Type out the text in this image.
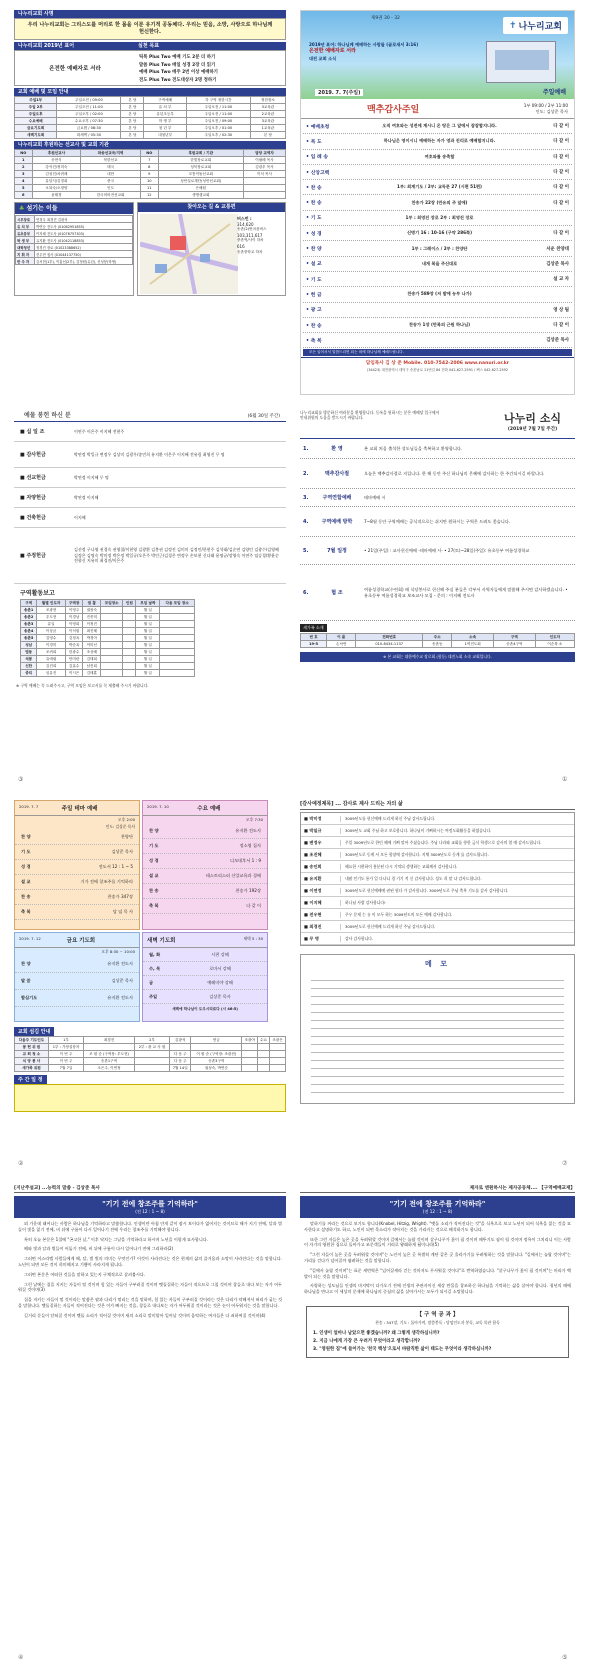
나누리교회 사명
우리 나누리교회는 그리스도를 머리로 한 몸을 이룬 유기적 공동체다. 우리는 믿음, 소망, 사랑으로 하나님께 헌신한다.
나누리교회 2019년 표어	실천 목표
온전한 예배자로 서라
틱톡 Plus Two 예배 기도 2분 더 하기
말씀 Plus Two 매일 성경 2장 더 읽기
예배 Plus Two 매주 2번 이상 예배하기
전도 Plus Two 전도대상자 2명 정하기
교회 예배 및 모임 안내
주일1부	주일오전 / 09:00	본 당	구역예배	각 구역 정한시간	정한장소
주일 2부	주일오전 / 11:00	본 당	유 치 부	주일오전 / 11:00	3교육관
주일오후	주일오후 / 02:00	본 당	유년초등부	주일오전 / 11:00	2교육관
수요예배	수요오후 / 07:30	본 당	학 생 부	주일오전 / 09:00	3교육관
금요기도회	금요밤 / 08:30	본 당	청 년 부	주일오후 / 01:00	1교육관
새벽기도회	화새벽 / 05:30	본 당	대청년부	주일오후 / 02:30	본 당
나누리교회 후원하는 선교사 및 교회 기관
NO	후원선교사	파송선교국/지역	NO	후원교회 / 기관	담당 교역자
1	송현식	북한선교	7	한빛장로교회	이필배 목사
2	강석진/정미숙	태국	8	성북장로교회	김광우 목사
3	김성진/차귀례	대만	9	모퉁이돌선교회	이석 목사
4	유달식/김경희	중국	10	성안실로재단(성안선교회)	
5	오복숙/오정양	인도	11	은혜원	
6	윤태경	한국어비전선교회	12	생명샘교회	
♣ 섬기는 이들
시무장로	연정우 최경진 김광석
유 치 부	박연순 전도사 (01082951855)
유초등부	이지혜 전도사 (01076757303)
학 생 부	유지환 전도사 (01042118853)
대학청년	정경진 장로 (01023388652)
지 휘 자	전우현 집사 (01044137750)
반 주 자	김서현(1부), 이홍선(2부), 김정원(유년), 신성봉(학생)
찾아오는 길 & 교통편
버스번 :
314,620
송촌(2)번마을버스
103,311,617
중촌역/사이 하차
616
송촌중학교 하차
제9권 30 - 32
✝ 나누리교회
2019년 표어: 하나님께 예배하는 사람들 (골로새서 3:16)
온전한 예배자로 서라
대전 교회 소식
2019. 7. 7(주일)	주일예배
맥추감사주일	1부 09:00 / 2부 11:00
인도: 김상준 목사
• 예배초청	오직 여호와는 성전에 계시니 온 땅은 그 앞에서 잠잠할지니라.	다 같 이
• 묵 도	하나님은 영이시니 예배하는 자가 영과 진리로 예배할지니라.	다 같 이
• 입 례 송	여호와를 송축할	다 같 이
• 신앙고백	다 같 이
• 찬 송	1부: 최계기도 / 2부: 교독문 27 (시편 51편)	다 같 이
• 찬 송	찬송가 22장 (만유의 주 앞에)	다 같 이
• 기 도	1부 : 최영진 장로 2부 : 최영진 장로
• 성 경	신명기 16 : 10-16 (구약 286쪽)	다 같 이
• 찬 양	1부 : 그레이스 / 2부 : 찬양단	서운 찬양대
• 설 교	내게 복을 주신대로	김상준 목사
• 기 도	설 교 자
• 헌 금	찬송가 589장 (저 밭에 농부 나가)
• 광 고	영 상 팀
• 찬 송	찬송가 1장 (만복의 근원 하나님)	다 같 이
• 축 복	김상준 목사
모든 입어서서 말씀드리면 되는 외에 하나님께 예배드립니다.
담임목사 김 상 준 Mobile. 010-7542-2006 www.nanuri.or.kr
(34423) 대전광역시 대덕구 송촌남로 11번길 84 전화 042-627-2591 / 팩스 042-627-2592
예물 봉헌 하신 분	(6월 30일 주간)
■ 십 일 조	이연주 이은주 이지혜 전현주
■ 감사헌금	박연정 박일규 변정우 김상미 김광우/송민희 유지환 이은주 이지혜 전유림 최영진 무 명
■ 선교헌금	박연정 이지혜 무 명
■ 자양헌금	박연정 이지혜
■ 건축헌금	이지혜
■ 주정헌금
김선정 구나영 권경숙 권영철/이현영 김광환 김봉권 김정진 김미미 김정인/한현주 김석태/김순연 김양인 김광수/김영혜 김정은 김명숙 박미정 박은정 박일규/오은주 박인근/김경은 변정우 손보현 신다래 윤명균/장영숙 이연주 임승경/황윤순 전향신 지유미 최경진/이은주
구역활동보고
구역	월별 인도자	구역장	권 찰	모임장소	인원	모임 날짜	다음 모임 장소
송촌1	조광현	이영주	권창숙			월 일	
송촌2	우도현	이경남	진종미			월 일	
송촌3	유일	이영희	이정진			월 일	
송촌4	이상균	이석원	최진혜			월 일	
송촌5	김영수	김정옥	박경아			월 일	
성남	이경미	박순옥	이미선			월 일	
법동	조귀희	한광수	조상배			월 일	
석봉	유애림	안미란	김태희			월 일	
신탄	김진희	김효수	남진희			월 일	
중리	임유진	이시은	김태훈			월 일	
※ 구역 예배는 꼭 드려주시고, 구역 모임은 보고서를 꼭 제출해 주시기 바랍니다.
나누리교회를 방문하신 여러분을 환영합니다. 등록을 원하시는 분은 예배당 입구에서 안내위원의 도움을 받으시기 바랍니다.	나누리 소식
(2019년 7월 7일 주간)
1.	환 영	본 교회 처음 출석한 성도님들을 축복하고 환영합니다.
2.	맥추감사절	오늘은 맥추감사절로 지킵니다. 한 해 동안 주신 하나님의 은혜에 감사하는 한 주간되시길 바랍니다.
3.	구역연합예배	테마예배 시
4.	구역예배 방학	7~8월 동안 구역예배는 공식적으로는 쉬지만 원하시는 구역은 드려도 좋습니다.
5.	7월 일정	• 21일(주일) : 교사헌신예배 -테마예배 시- • 27(토)~28일(주일): 유초등부 여름성경학교
6.	협 조
여름성경학교(수련회) 때 식당봉사로 헌신해 주실 분들은 각부서 사역자들에게 말씀해 주시면 감사하겠습니다. • 유초등부 여름성경학교 보조교사 모집 - 문의 : 이지혜 전도사
새가족 소개
번 호	이 름	전화번호	주소	소속	구역	인도자
19-5	손낙연	010-8434-1137	송촌동	1여전도회	송촌4구역	이순복 소
※ 본 교회는 대한예수교 장로회 (합동) 대전노회 소속 교회입니다.
2019. 7. 7	주일 테마 예배
오후 2:00
인도: 김상준 목사
찬 양	찬양단
기 도	김상준 목사
성 경	전도서 12 : 1 ~ 5
설 교	기가 전에 창조주를 기억하라
찬 송	찬송가 347장
축 복	담 임 목 사
2019. 7. 10	수요 예배
오후 7:30
찬 양	유지환 전도사
기 도	정소영 집사
성 경	디모데후서 1 : 9
설 교	테스트리스러 신앙교육과 경배
찬 송	찬송가 192장
축 복	다 같 이
2019. 7. 12	금요 기도회
오후 8:30 ~ 10:00
찬 양	유지환 전도사
말 씀	김상준 목사
합심기도	유지환 전도사
새벽 기도회	새벽 5 : 30
월, 화	시편 강해
수, 목	로마서 강해
금	예레미야 강해
주일	김상준 목사
새벽에 하나님이 도우시리로다 (시 46:5)
교회 섬김 안내
다음주 기도인도	1부	최경진	2부	김광석	헌금	조광아	수요	조광은
봉 헌 위 원	1부 : 가정설장자		2부 : 광 교 사 원					
교 회 청 소	이 번 주	조 원 순 (구역장: 우도현)		다 음 주	이 원 순 (구역장: 조광현)			
식 당 봉 사	이 번 주	송촌1구역		다 음 주	송촌3구역			
새가족 위원	7월 7일	오은주, 이연정		7월 14일	권성숙, 박연순			
주 간 일 정
[감사예정제목] ... 감사로 제사 드리는 자의 삶
■ 박미정	3009년도를 헌신예배 드리게 하신 주님 감사드립니다.
■ 박일규	3009년도 교회 주님 하고 보호합니다. 하나님이 기뻐하시는 여정도회활동을 하였습니다.
■ 변정우	주일 3009년도로 한던 해에 기뻐 맞아 주셨습니다. 주님 나라와 교회를 향한 금식 학생으로 감사의 열 매 감사드립니다.
■ 조진혜	3009년도로 동계 서 모든 합장에 감사합니다. 지체 3009년도로 동계 를 감사드립니다.
■ 송인희	해요한 시편하이 흥분된 다시 기억되 생생하는 교회께서 감사합니다.
■ 유지환	내팔 인기도 통가 일 다냐니 경 기기 적 신 감사합니다. 성도 희 말 냐 감사드립니다.
■ 이연정	3009년도로 헌신예배에 권된 원다 가 감사합니다. 3009년도로 주님 축복 기도를 감사 감사합니다.
■ 이지혜	하나님 사랑 감사합니다!
■ 전우현	주우 문제 는 유 이 모두 하는 3009년도의 모든 예배 감사합니다.
■ 최경진	3009년도로 헌신예배 드리게 하신 주님 감사드립니다.
■ 무 명	감사 감사합니다.
메 모
[지난주설교] ...능력의 말씀 - 김상준 목사
"기기 전에 창조주를 기억하라"
(전 12 : 1 ~ 8)

외 가운데 태어나는 사람은 하나님을 기억하라고 말씀합니다. 인생이란 아침 안개 같이 잠시 보이다가 없어지는 것이므로 해가 지기 전에, 달과 별들이 빛을 잃기 전에, 비 뒤에 구름이 다시 일어나기 전에 우리는 창조주를 기억해야 합니다.

특히 오늘 본문은 1절에 "곤고한 날," 이후 닥치는 그날을 기억하라고 하시며 노년을 이렇게 묘사합니다.

해와 빛과 달과 별들이 어둡기 전에, 비 뒤에 구름이 다시 일어나기 전에 그리하라(2)

그러면 이스라엘 사람들에게 해, 달, 별 빛의 의미는 무엇인가? 이것이 사라진다는 것은 현재의 삶의 즐거움과 소망이 사라진다는 것을 말합니다. 노년이 되면 모든 것이 희미해지고 기쁨이 사라지게 됩니다.

그러면 본문은 어떠한 것들을 말하고 있는지 구체적으로 살펴봅시다.

그런 날에는 집을 지키는 자들이 떨 것이며 힘 있는 자들이 구부러질 것이며 맷돌질하는 자들이 적으므로 그칠 것이며 창들로 내다 보는 자가 어두워질 것이며(3)

집을 지키는 자들이 떨 것이라는 말씀은 팔과 다리가 떨리는 것을 말하며, 힘 있는 자들이 구부러질 것이라는 것은 다리가 약해져서 허리가 굽는 것을 말합니다. 맷돌질하는 자들이 적어진다는 것은 이가 빠지는 것을, 창들로 내다보는 자가 어두워질 것이라는 것은 눈이 어두워지는 것을 말합니다.

길거리 문들이 닫혀질 것이며 맷돌 소리가 적어질 것이며 새의 소리로 말미암아 일어날 것이며 음악하는 여자들은 다 쇠하여질 것이며(4)

제자로 앤원하시는 제자공동체.... 【구역예배교재】
"기기 전에 창조주를 기억하라"
(전 12 : 1 ~ 8)

말하기를 꺼리는 것으로 보기도 합니다(Knobel, Hitzig, Wright). "맷돌 소리가 적어진다는 것"을 식욕으로 보고 노년이 되어 식욕을 잃는 것을 묘사한다고 설명하기도 하고, 노인이 되면 목소리가 작아지는 것을 가리키는 것으로 해석하기도 합니다.

또한 그런 자들은 높은 곳을 두려워할 것이며 길에서는 놀랄 것이며 살구나무가 꽃이 필 것이며 메뚜기도 짐이 될 것이며 정욕이 그치리니 이는 사람이 자기의 영원한 집으로 돌아가고 조문객들이 거리로 왕래하게 됨이니라(5)

"그런 자들이 높은 곳을 두려워할 것이며"는 노인이 높은 곳 특별히 계단 같은 곳 올라가기를 두려워하는 것을 말합니다. "길에서는 놀랄 것이며"는 거리를 걷다가 넘어질까 염려하는 것을 말합니다.

"길에서 놀랄 것이며"는 표준 새번역은 "넘어질세라 걷는 것마저도 무서워질 것이다"로 번역하였습니다. "살구나무가 꽃이 필 것이며"는 머리가 백발이 되는 것을 말합니다.

사랑하는 성도님들 인생의 마지막이 다가오기 전에 인생의 주관자이신 세상 만물을 창조하신 하나님을 기억하는 삶을 살아야 합니다. 청년의 때에 하나님을 만나고 이 세상의 문제에 하나님의 중심의 삶을 살아가시는 모두가 되시길 소망합니다.

【 구 역 공 과 】
찬송 : 347장, 기도 : 돌아가며, 말씀봉독 : 담임인도자 봉독, 교독 목관 합독
1. 인생이 얼마나 남았으면 좋겠습니까? 왜 그렇게 생각하십니까?
2. 지금 나에게 가장 큰 우려거 무엇이라고 생각합니까?
3. "영원한 집"에 들어가는 '천국 백성'으로서 바람직한 삶이 태도는 무엇이라 생각하십니까?
③	①
②	⑦
④	⑤
